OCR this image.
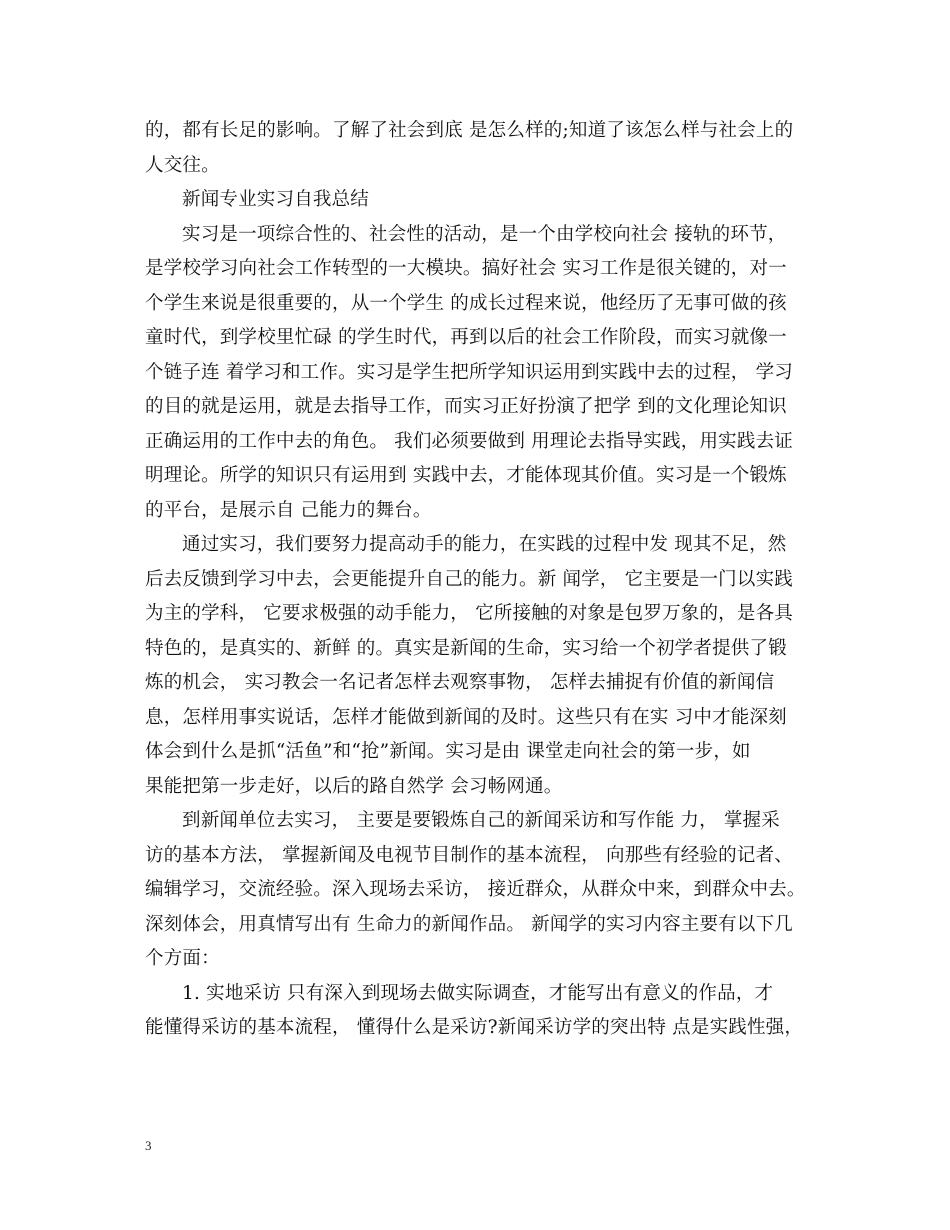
的，都有长足的影响。了解了社会到底 是怎么样的;知道了该怎么样与社会上的
人交往。
新闻专业实习自我总结
实习是一项综合性的、社会性的活动，是一个由学校向社会 接轨的环节，
是学校学习向社会工作转型的一大模块。搞好社会 实习工作是很关键的，对一
个学生来说是很重要的，从一个学生 的成长过程来说，他经历了无事可做的孩
童时代，到学校里忙碌 的学生时代，再到以后的社会工作阶段，而实习就像一
个链子连 着学习和工作。实习是学生把所学知识运用到实践中去的过程， 学习
的目的就是运用，就是去指导工作，而实习正好扮演了把学 到的文化理论知识
正确运用的工作中去的角色。 我们必须要做到 用理论去指导实践，用实践去证
明理论。所学的知识只有运用到 实践中去，才能体现其价值。实习是一个锻炼
的平台，是展示自 己能力的舞台。
通过实习，我们要努力提高动手的能力，在实践的过程中发 现其不足，然
后去反馈到学习中去，会更能提升自己的能力。新 闻学， 它主要是一门以实践
为主的学科， 它要求极强的动手能力， 它所接触的对象是包罗万象的，是各具
特色的，是真实的、新鲜 的。真实是新闻的生命，实习给一个初学者提供了锻
炼的机会， 实习教会一名记者怎样去观察事物， 怎样去捕捉有价值的新闻信
息，怎样用事实说话，怎样才能做到新闻的及时。这些只有在实 习中才能深刻
体会到什么是抓“活鱼”和“抢”新闻。实习是由 课堂走向社会的第一步，如
果能把第一步走好，以后的路自然学 会习畅网通。
到新闻单位去实习， 主要是要锻炼自己的新闻采访和写作能 力， 掌握采
访的基本方法， 掌握新闻及电视节目制作的基本流程， 向那些有经验的记者、
编辑学习，交流经验。深入现场去采访， 接近群众，从群众中来，到群众中去。
深刻体会，用真情写出有 生命力的新闻作品。 新闻学的实习内容主要有以下几
个方面：
1. 实地采访 只有深入到现场去做实际调查，才能写出有意义的作品，才
能懂得采访的基本流程， 懂得什么是采访?新闻采访学的突出特 点是实践性强，
3
